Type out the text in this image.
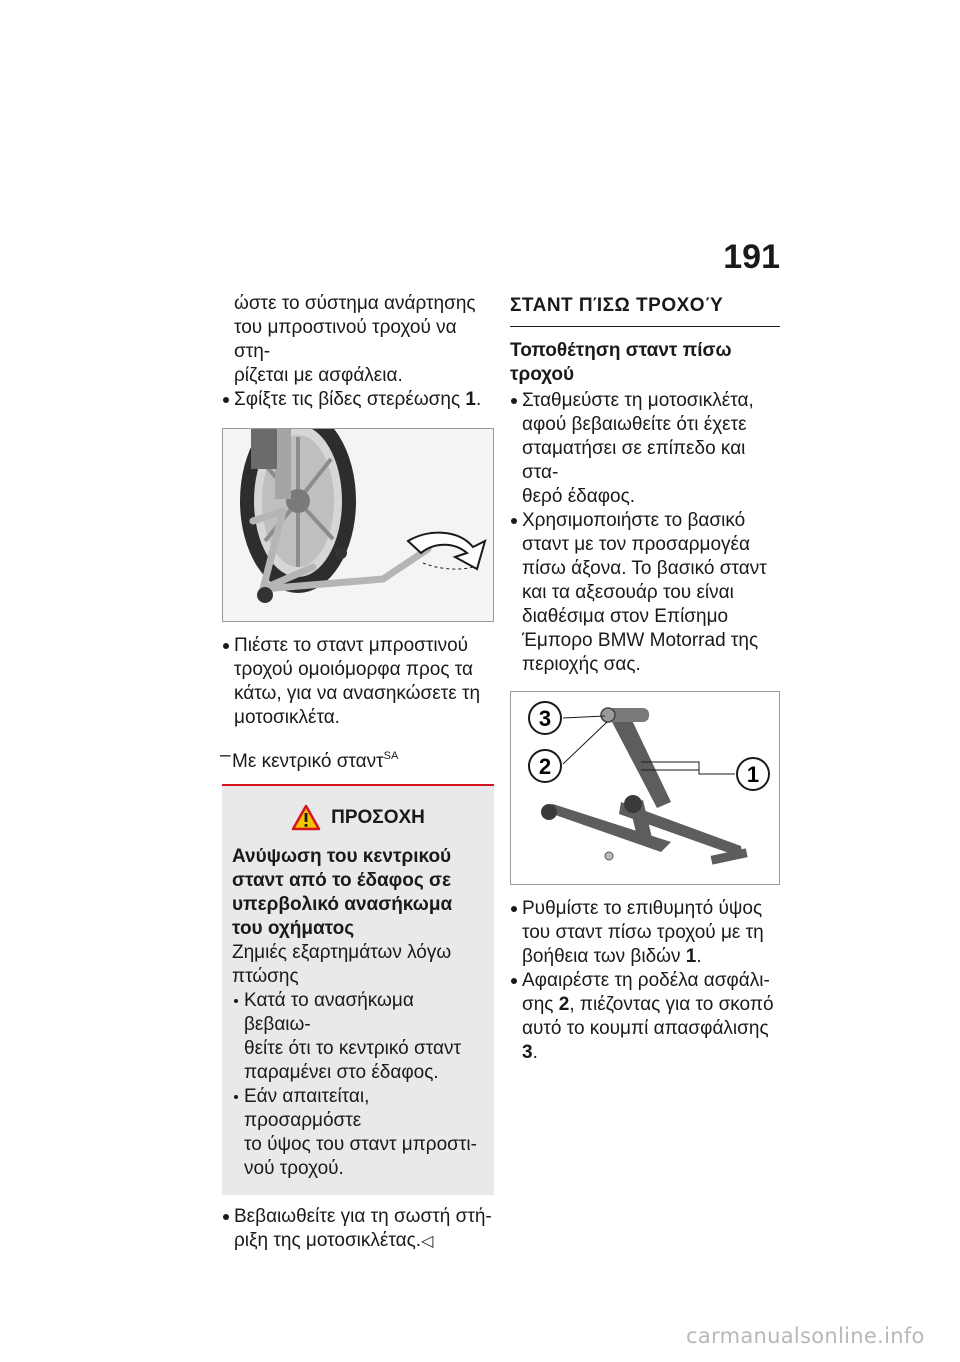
191
ώστε το σύστημα ανάρτησης
του μπροστινού τροχού να στη-
ρίζεται με ασφάλεια.
Σφίξτε τις βίδες στερέωσης 1.
Πιέστε το σταντ μπροστινού
τροχού ομοιόμορφα προς τα
κάτω, για να ανασηκώσετε τη
μοτοσικλέτα.
– Με κεντρικό σταντ$^{SA}$
ΠΡΟΣΟΧΗ
Ανύψωση του κεντρικού
σταντ από το έδαφος σε
υπερβολικό ανασήκωμα
του οχήματος
Ζημιές εξαρτημάτων λόγω
πτώσης
Κατά το ανασήκωμα βεβαιω-
θείτε ότι το κεντρικό σταντ
παραμένει στο έδαφος.
Εάν απαιτείται, προσαρμόστε
το ύψος του σταντ μπροστι-
νού τροχού.
Βεβαιωθείτε για τη σωστή στή-
ριξη της μοτοσικλέτας.◁
ΣΤΑΝΤ ΠΊΣΩ ΤΡΟΧΟΎ
Τοποθέτηση σταντ πίσω
τροχού
Σταθμεύστε τη μοτοσικλέτα,
αφού βεβαιωθείτε ότι έχετε
σταματήσει σε επίπεδο και στα-
θερό έδαφος.
Χρησιμοποιήστε το βασικό
σταντ με τον προσαρμογέα
πίσω άξονα. Το βασικό σταντ
και τα αξεσουάρ του είναι
διαθέσιμα στον Επίσημο
Έμπορο BMW Motorrad της
περιοχής σας.
3
2	1
Ρυθμίστε το επιθυμητό ύψος
του σταντ πίσω τροχού με τη
βοήθεια των βιδών 1.
Αφαιρέστε τη ροδέλα ασφάλι-
σης 2, πιέζοντας για το σκοπό
αυτό το κουμπί απασφάλισης 3.
carmanualsonline.info
